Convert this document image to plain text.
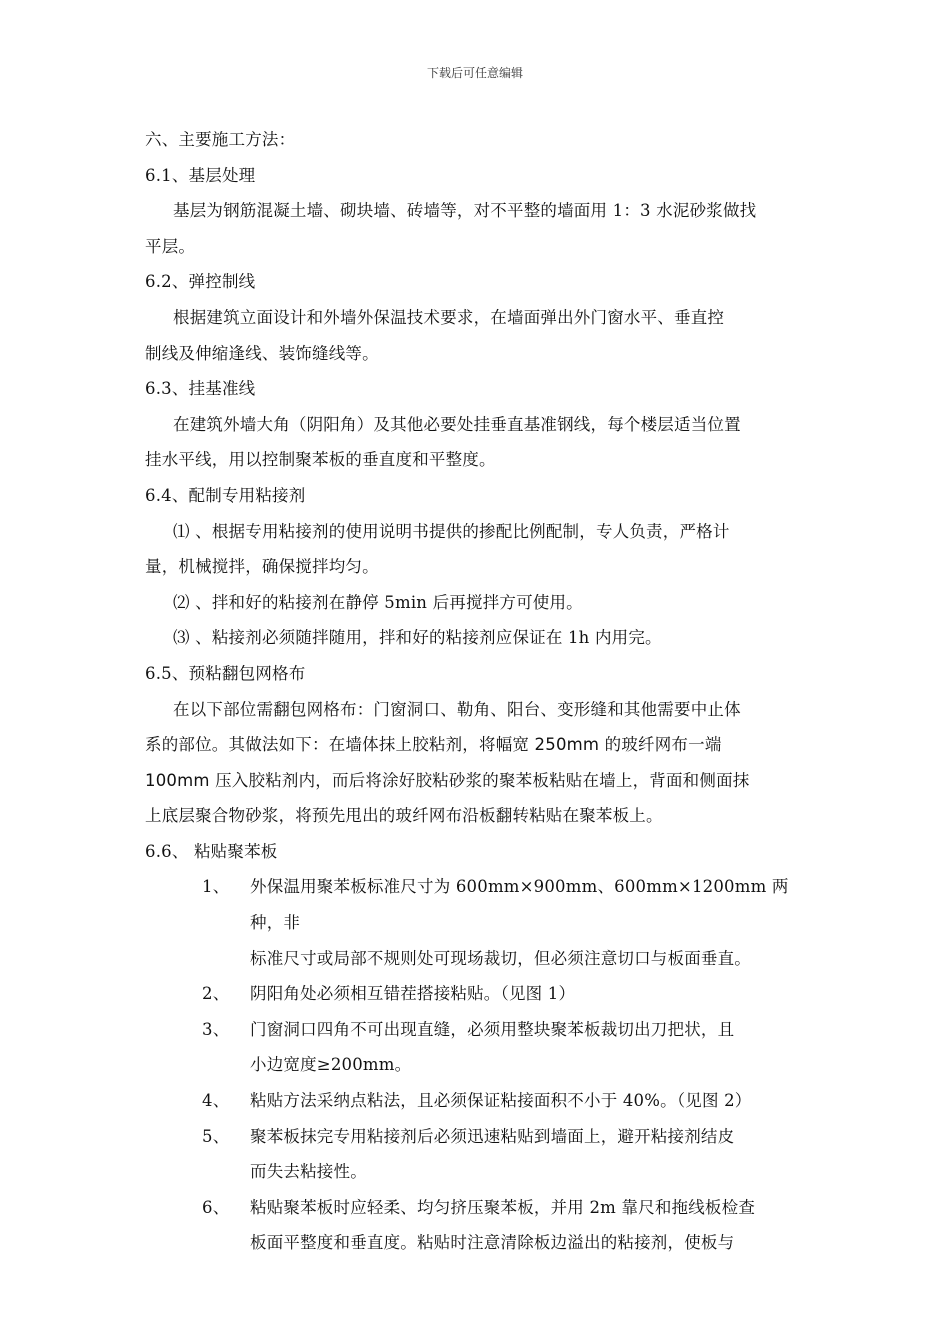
下载后可任意编辑
六、主要施工方法：
6.1、基层处理
基层为钢筋混凝土墙、砌块墙、砖墙等，对不平整的墙面用 1：3 水泥砂浆做找
平层。
6.2、弹控制线
根据建筑立面设计和外墙外保温技术要求，在墙面弹出外门窗水平、垂直控
制线及伸缩逢线、装饰缝线等。
6.3、挂基准线
在建筑外墙大角（阴阳角）及其他必要处挂垂直基准钢线，每个楼层适当位置
挂水平线，用以控制聚苯板的垂直度和平整度。
6.4、配制专用粘接剂
⑴ 、根据专用粘接剂的使用说明书提供的掺配比例配制，专人负责，严格计
量，机械搅拌，确保搅拌均匀。
⑵ 、拌和好的粘接剂在静停 5min 后再搅拌方可使用。
⑶ 、粘接剂必须随拌随用，拌和好的粘接剂应保证在 1h 内用完。
6.5、预粘翻包网格布
在以下部位需翻包网格布：门窗洞口、勒角、阳台、变形缝和其他需要中止体
系的部位。其做法如下：在墙体抹上胶粘剂，将幅宽 250mm 的玻纤网布一端
100mm 压入胶粘剂内，而后将涂好胶粘砂浆的聚苯板粘贴在墙上，背面和侧面抹
上底层聚合物砂浆，将预先甩出的玻纤网布沿板翻转粘贴在聚苯板上。
6.6、 粘贴聚苯板
1、 外保温用聚苯板标准尺寸为 600mm×900mm、600mm×1200mm 两种，非
标准尺寸或局部不规则处可现场裁切，但必须注意切口与板面垂直。
2、 阴阳角处必须相互错茬搭接粘贴。（见图 1）
3、 门窗洞口四角不可出现直缝，必须用整块聚苯板裁切出刀把状，且
小边宽度≥200mm。
4、 粘贴方法采纳点粘法，且必须保证粘接面积不小于 40%。（见图 2）
5、 聚苯板抹完专用粘接剂后必须迅速粘贴到墙面上，避开粘接剂结皮
而失去粘接性。
6、 粘贴聚苯板时应轻柔、均匀挤压聚苯板，并用 2m 靠尺和拖线板检查
板面平整度和垂直度。粘贴时注意清除板边溢出的粘接剂，使板与
